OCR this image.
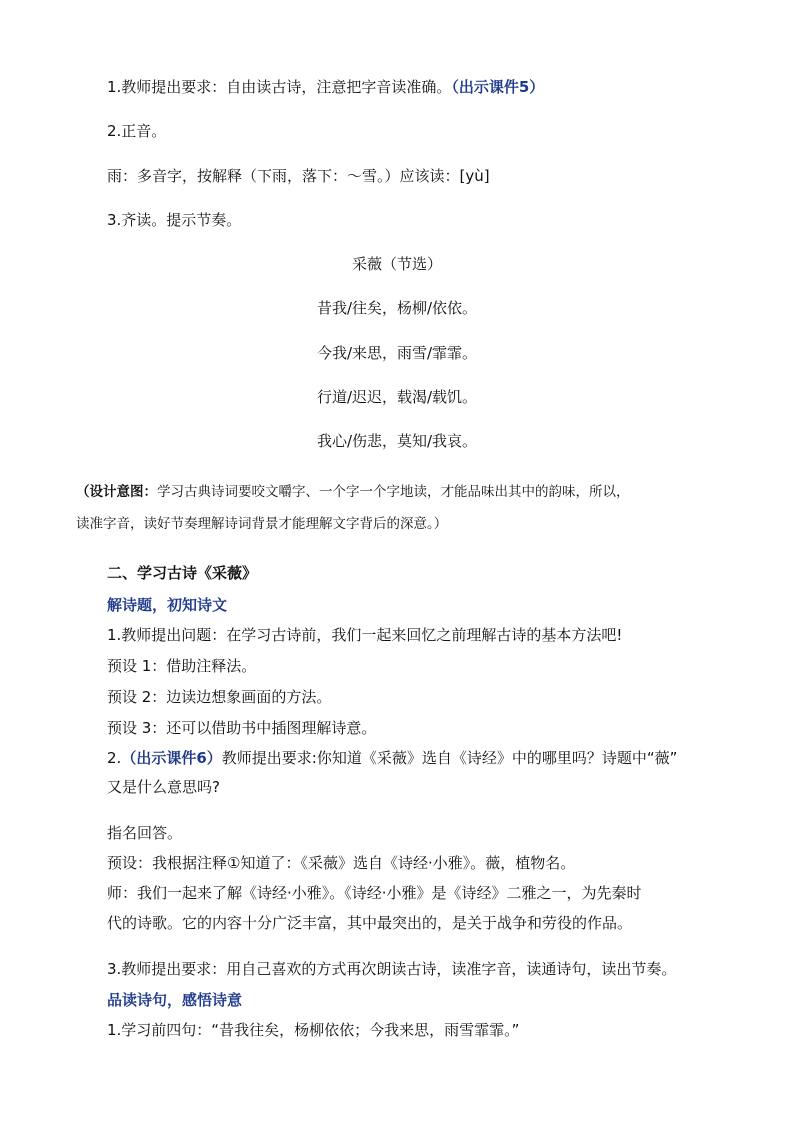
1.教师提出要求：自由读古诗，注意把字音读准确。（出示课件5）
2.正音。
雨：多音字，按解释（下雨，落下：～雪。）应该读：[yù]
3.齐读。提示节奏。
采薇（节选）
昔我/往矣，杨柳/依依。
今我/来思，雨雪/霏霏。
行道/迟迟，载渴/载饥。
我心/伤悲，莫知/我哀。
（设计意图：学习古典诗词要咬文嚼字、一个字一个字地读，才能品味出其中的韵味，所以，
读准字音，读好节奏理解诗词背景才能理解文字背后的深意。）
二、学习古诗《采薇》
解诗题，初知诗文
1.教师提出问题：在学习古诗前，我们一起来回忆之前理解古诗的基本方法吧!
预设 1：借助注释法。
预设 2：边读边想象画面的方法。
预设 3：还可以借助书中插图理解诗意。
2.（出示课件6）教师提出要求:你知道《采薇》选自《诗经》中的哪里吗？诗题中“薇”
又是什么意思吗?
指名回答。
预设：我根据注释①知道了：《采薇》选自《诗经·小雅》。薇，植物名。
师：我们一起来了解《诗经·小雅》。《诗经·小雅》是《诗经》二雅之一，为先秦时
代的诗歌。它的内容十分广泛丰富，其中最突出的，是关于战争和劳役的作品。
3.教师提出要求：用自己喜欢的方式再次朗读古诗，读准字音，读通诗句，读出节奏。
品读诗句，感悟诗意
1.学习前四句：“昔我往矣，杨柳依依；今我来思，雨雪霏霏。”
